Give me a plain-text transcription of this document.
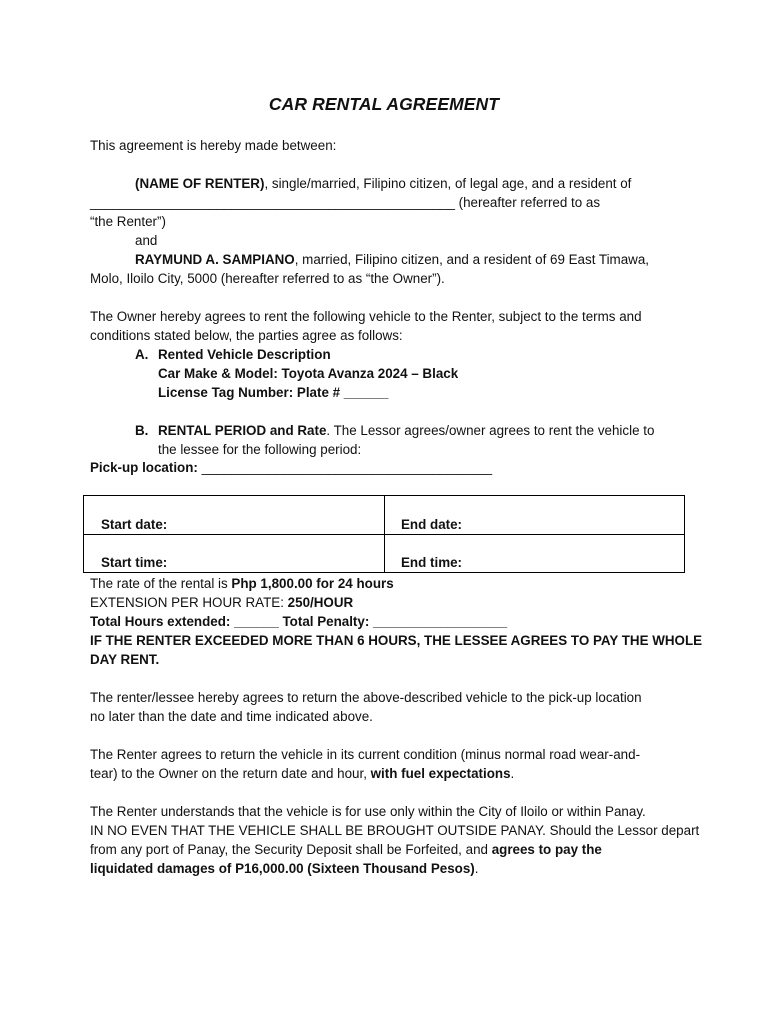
CAR RENTAL AGREEMENT
This agreement is hereby made between:
(NAME OF RENTER), single/married, Filipino citizen, of legal age, and a resident of
_________________________________________________ (hereafter referred to as
“the Renter”)
and
RAYMUND A. SAMPIANO, married, Filipino citizen, and a resident of 69 East Timawa,
Molo, Iloilo City, 5000 (hereafter referred to as “the Owner”).
The Owner hereby agrees to rent the following vehicle to the Renter, subject to the terms and
conditions stated below, the parties agree as follows:
A. Rented Vehicle Description
Car Make & Model: Toyota Avanza 2024 – Black
License Tag Number: Plate # ______
B. RENTAL PERIOD and Rate. The Lessor agrees/owner agrees to rent the vehicle to
the lessee for the following period:
Pick-up location: _______________________________________
Start date:	End date:
Start time:	End time:
The rate of the rental is Php 1,800.00 for 24 hours
EXTENSION PER HOUR RATE: 250/HOUR
Total Hours extended: ______ Total Penalty: __________________
IF THE RENTER EXCEEDED MORE THAN 6 HOURS, THE LESSEE AGREES TO PAY THE WHOLE
DAY RENT.
The renter/lessee hereby agrees to return the above-described vehicle to the pick-up location
no later than the date and time indicated above.
The Renter agrees to return the vehicle in its current condition (minus normal road wear-and-
tear) to the Owner on the return date and hour, with fuel expectations.
The Renter understands that the vehicle is for use only within the City of Iloilo or within Panay.
IN NO EVEN THAT THE VEHICLE SHALL BE BROUGHT OUTSIDE PANAY. Should the Lessor depart
from any port of Panay, the Security Deposit shall be Forfeited, and agrees to pay the
liquidated damages of P16,000.00 (Sixteen Thousand Pesos).
